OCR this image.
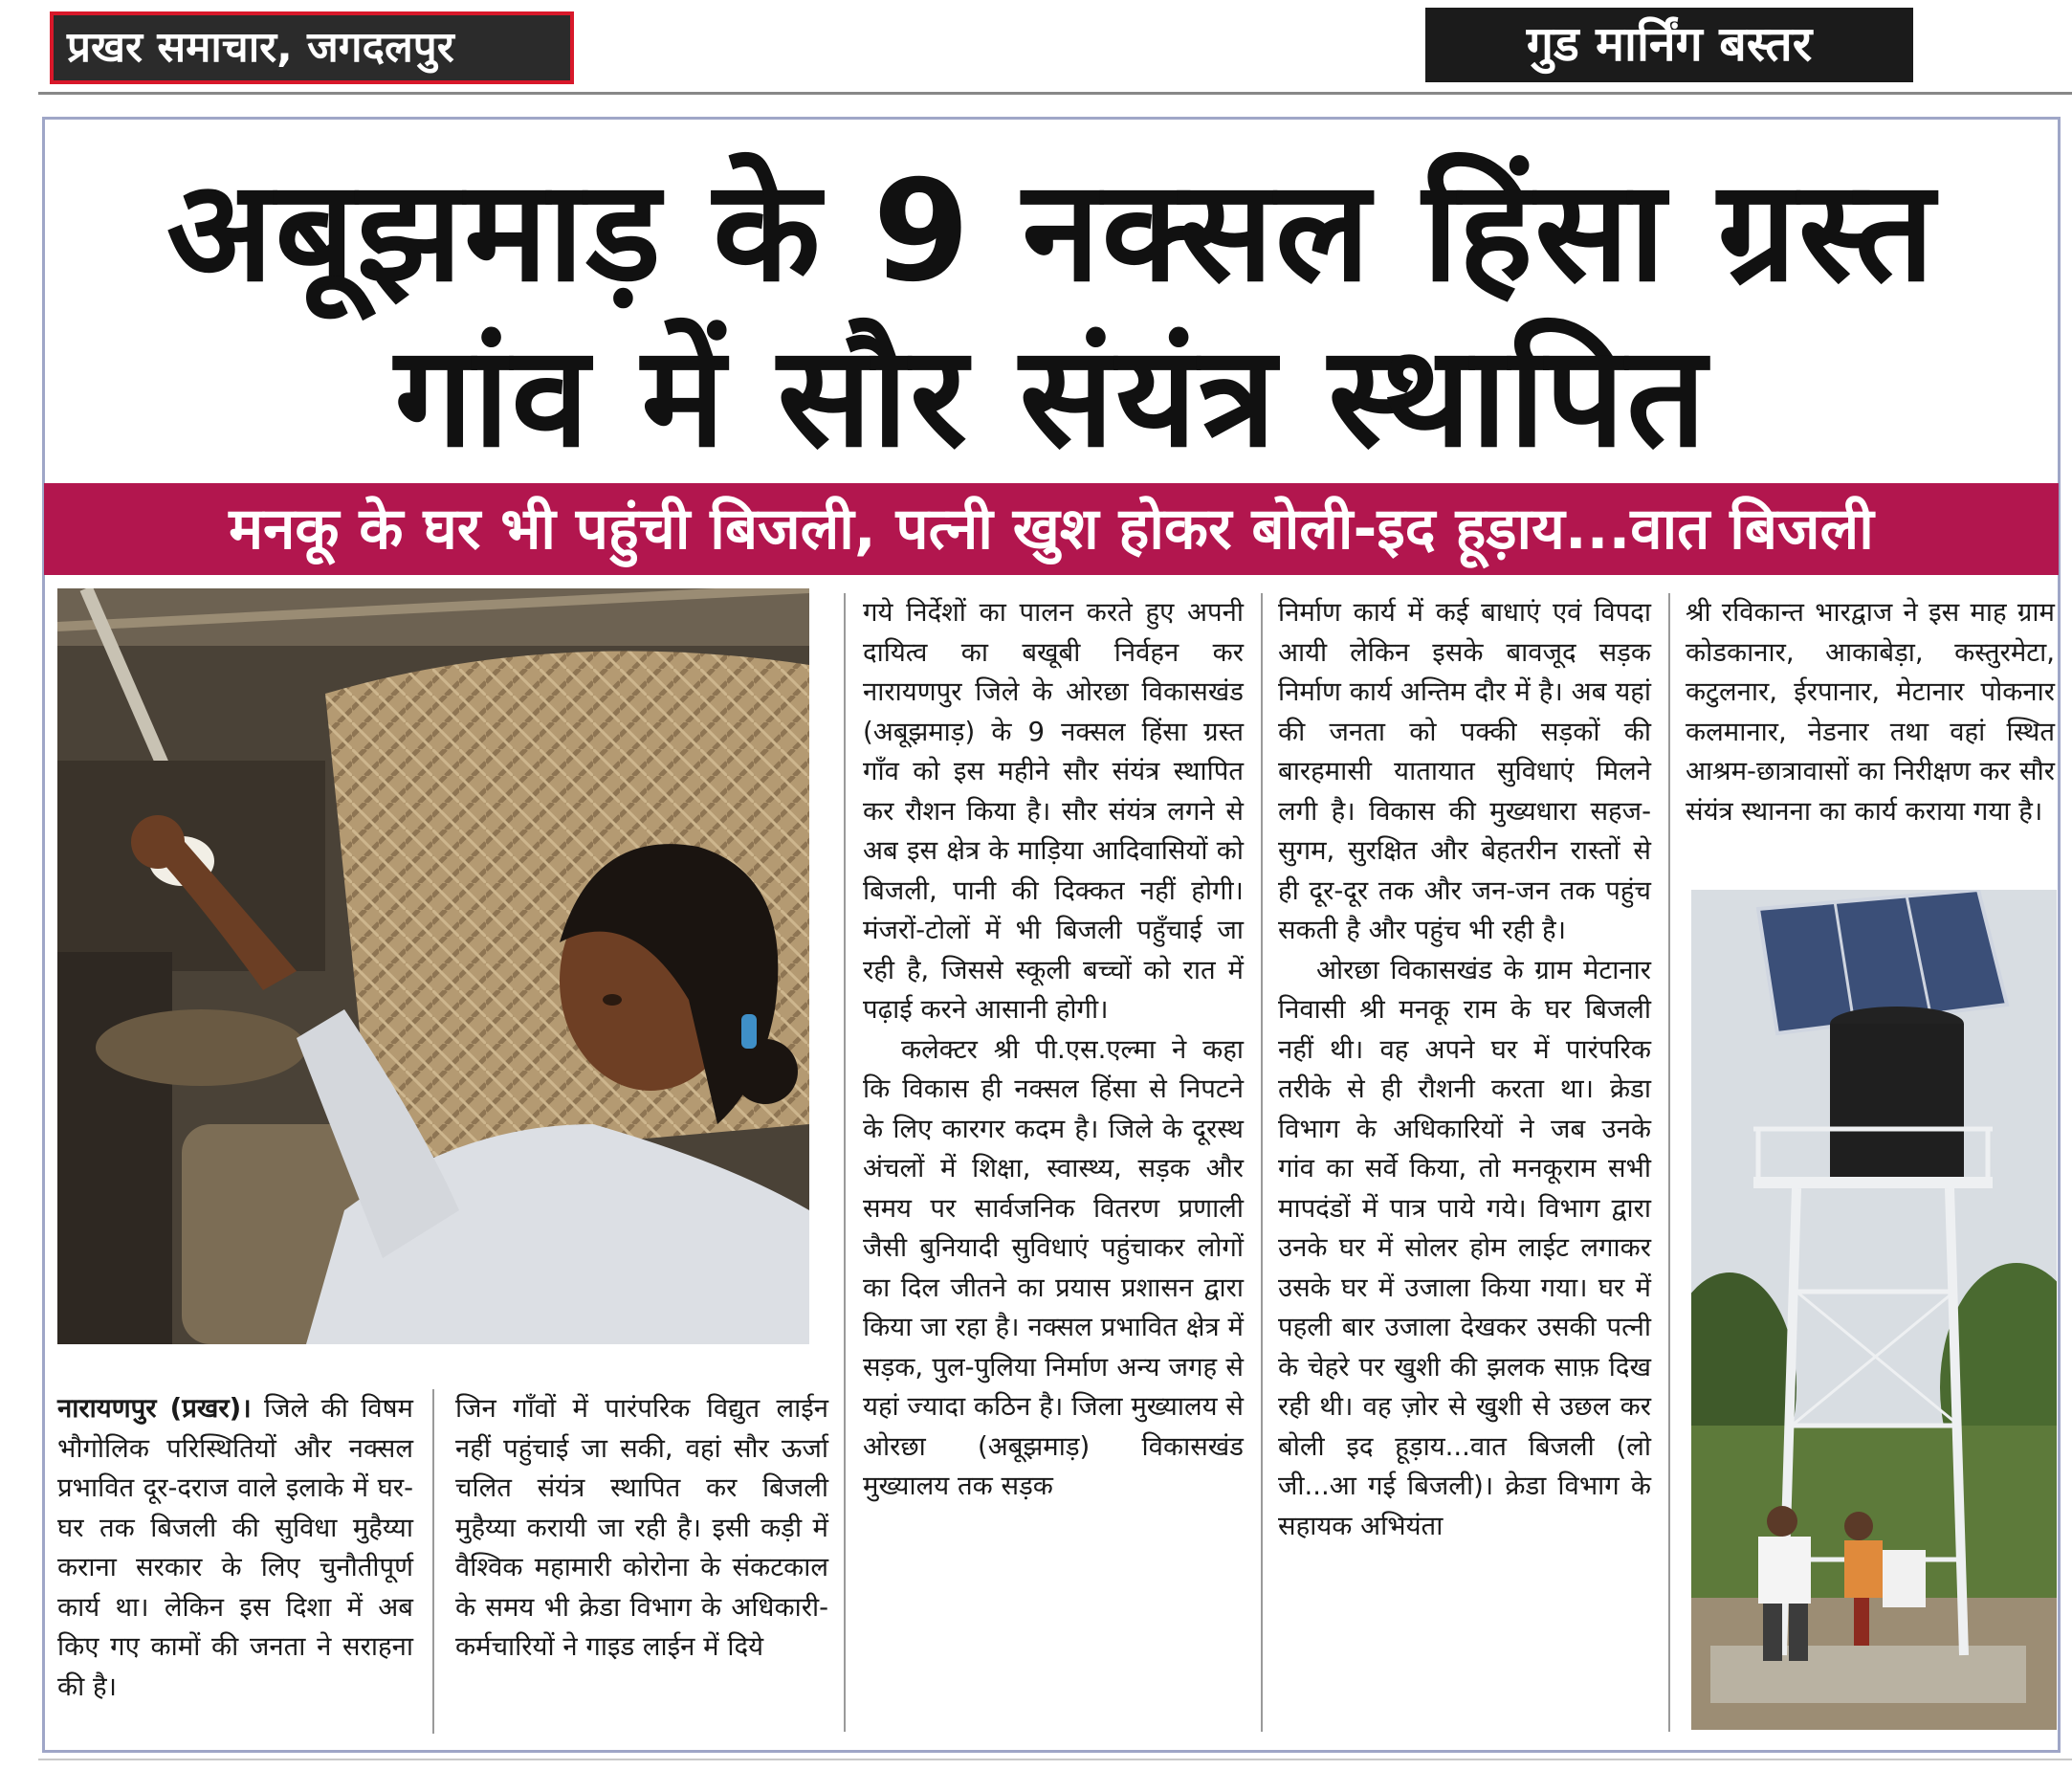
प्रखर समाचार, जगदलपुर	गुड मार्निंग बस्तर
अबूझमाड़ के 9 नक्सल हिंसा ग्रस्त
गांव में सौर संयंत्र स्थापित
मनकू के घर भी पहुंची बिजली, पत्नी खुश होकर बोली-इद हूड़ाय...वात बिजली

नारायणपुर (प्रखर)। जिले की विषम भौगोलिक परिस्थितियों और नक्सल प्रभावित दूर-दराज वाले इलाके में घर-घर तक बिजली की सुविधा मुहैय्या कराना सरकार के लिए चुनौतीपूर्ण कार्य था। लेकिन इस दिशा में अब किए गए कामों की जनता ने सराहना की है।

जिन गाँवों में पारंपरिक विद्युत लाईन नहीं पहुंचाई जा सकी, वहां सौर ऊर्जा चलित संयंत्र स्थापित कर बिजली मुहैय्या करायी जा रही है। इसी कड़ी में वैश्विक महामारी कोरोना के संकटकाल के समय भी क्रेडा विभाग के अधिकारी-कर्मचारियों ने गाइड लाईन में दिये

गये निर्देशों का पालन करते हुए अपनी दायित्व का बखूबी निर्वहन कर नारायणपुर जिले के ओरछा विकासखंड (अबूझमाड़) के 9 नक्सल हिंसा ग्रस्त गाँव को इस महीने सौर संयंत्र स्थापित कर रौशन किया है। सौर संयंत्र लगने से अब इस क्षेत्र के माड़िया आदिवासियों को बिजली, पानी की दिक्कत नहीं होगी। मंजरों-टोलों में भी बिजली पहुँचाई जा रही है, जिससे स्कूली बच्चों को रात में पढ़ाई करने आसानी होगी।

कलेक्टर श्री पी.एस.एल्मा ने कहा कि विकास ही नक्सल हिंसा से निपटने के लिए कारगर कदम है। जिले के दूरस्थ अंचलों में शिक्षा, स्वास्थ्य, सड़क और समय पर सार्वजनिक वितरण प्रणाली जैसी बुनियादी सुविधाएं पहुंचाकर लोगों का दिल जीतने का प्रयास प्रशासन द्वारा किया जा रहा है। नक्सल प्रभावित क्षेत्र में सड़क, पुल-पुलिया निर्माण अन्य जगह से यहां ज्यादा कठिन है। जिला मुख्यालय से ओरछा (अबूझमाड़) विकासखंड मुख्यालय तक सड़क

निर्माण कार्य में कई बाधाएं एवं विपदा आयी लेकिन इसके बावजूद सड़क निर्माण कार्य अन्तिम दौर में है। अब यहां की जनता को पक्की सड़कों की बारहमासी यातायात सुविधाएं मिलने लगी है। विकास की मुख्यधारा सहज-सुगम, सुरक्षित और बेहतरीन रास्तों से ही दूर-दूर तक और जन-जन तक पहुंच सकती है और पहुंच भी रही है।

ओरछा विकासखंड के ग्राम मेटानार निवासी श्री मनकू राम के घर बिजली नहीं थी। वह अपने घर में पारंपरिक तरीके से ही रौशनी करता था। क्रेडा विभाग के अधिकारियों ने जब उनके गांव का सर्वे किया, तो मनकूराम सभी मापदंडों में पात्र पाये गये। विभाग द्वारा उनके घर में सोलर होम लाईट लगाकर उसके घर में उजाला किया गया। घर में पहली बार उजाला देखकर उसकी पत्नी के चेहरे पर खुशी की झलक साफ़ दिख रही थी। वह ज़ोर से खुशी से उछल कर बोली इद हूड़ाय...वात बिजली (लो जी...आ गई बिजली)। क्रेडा विभाग के सहायक अभियंता

श्री रविकान्त भारद्वाज ने इस माह ग्राम कोडकानार, आकाबेड़ा, कस्तुरमेटा, कटुलनार, ईरपानार, मेटानार पोकनार कलमानार, नेडनार तथा वहां स्थित आश्रम-छात्रावासों का निरीक्षण कर सौर संयंत्र स्थानना का कार्य कराया गया है।
